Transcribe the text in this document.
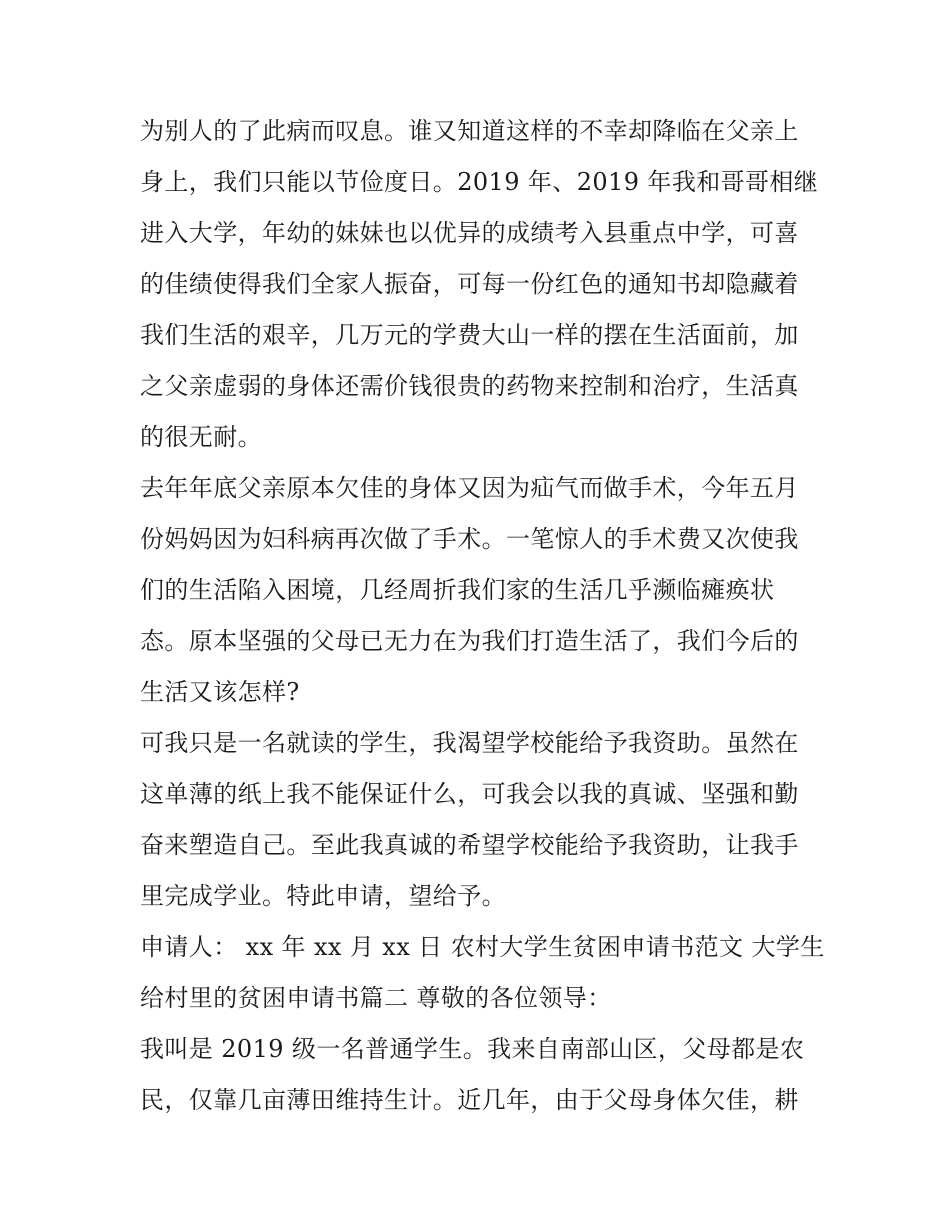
为别人的了此病而叹息。谁又知道这样的不幸却降临在父亲上
身上，我们只能以节俭度日。2019 年、2019 年我和哥哥相继
进入大学，年幼的妹妹也以优异的成绩考入县重点中学，可喜
的佳绩使得我们全家人振奋，可每一份红色的通知书却隐藏着
我们生活的艰辛，几万元的学费大山一样的摆在生活面前，加
之父亲虚弱的身体还需价钱很贵的药物来控制和治疗，生活真
的很无耐。
去年年底父亲原本欠佳的身体又因为疝气而做手术，今年五月
份妈妈因为妇科病再次做了手术。一笔惊人的手术费又次使我
们的生活陷入困境，几经周折我们家的生活几乎濒临瘫痪状
态。原本坚强的父母已无力在为我们打造生活了，我们今后的
生活又该怎样?
可我只是一名就读的学生，我渴望学校能给予我资助。虽然在
这单薄的纸上我不能保证什么，可我会以我的真诚、坚强和勤
奋来塑造自己。至此我真诚的希望学校能给予我资助，让我手
里完成学业。特此申请，望给予。
申请人： xx 年 xx 月 xx 日 农村大学生贫困申请书范文 大学生
给村里的贫困申请书篇二 尊敬的各位领导：
我叫是 2019 级一名普通学生。我来自南部山区，父母都是农
民，仅靠几亩薄田维持生计。近几年，由于父母身体欠佳，耕
